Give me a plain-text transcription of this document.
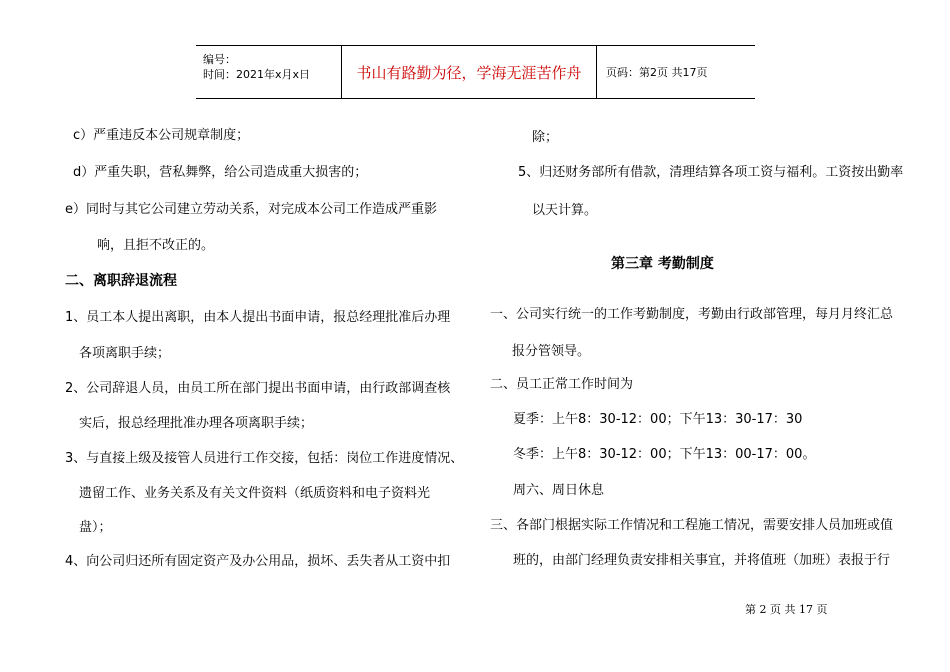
编号：
时间：2021年x月x日	书山有路勤为径，学海无涯苦作舟	页码：第2页 共17页
c）严重违反本公司规章制度；
d）严重失职，营私舞弊，给公司造成重大损害的；
e）同时与其它公司建立劳动关系，对完成本公司工作造成严重影
响，且拒不改正的。
二、离职辞退流程
1、员工本人提出离职，由本人提出书面申请，报总经理批准后办理
各项离职手续；
2、公司辞退人员，由员工所在部门提出书面申请，由行政部调查核
实后，报总经理批准办理各项离职手续；
3、与直接上级及接管人员进行工作交接，包括：岗位工作进度情况、
遗留工作、业务关系及有关文件资料（纸质资料和电子资料光
盘）；
4、向公司归还所有固定资产及办公用品，损坏、丢失者从工资中扣
除；
5、归还财务部所有借款，清理结算各项工资与福利。工资按出勤率
以天计算。
第三章 考勤制度
一、公司实行统一的工作考勤制度，考勤由行政部管理，每月月终汇总
报分管领导。
二、员工正常工作时间为
夏季：上午8：30-12：00；下午13：30-17：30
冬季：上午8：30-12：00；下午13：00-17：00。
周六、周日休息
三、各部门根据实际工作情况和工程施工情况，需要安排人员加班或值
班的，由部门经理负责安排相关事宜，并将值班（加班）表报于行
第 2 页 共 17 页
